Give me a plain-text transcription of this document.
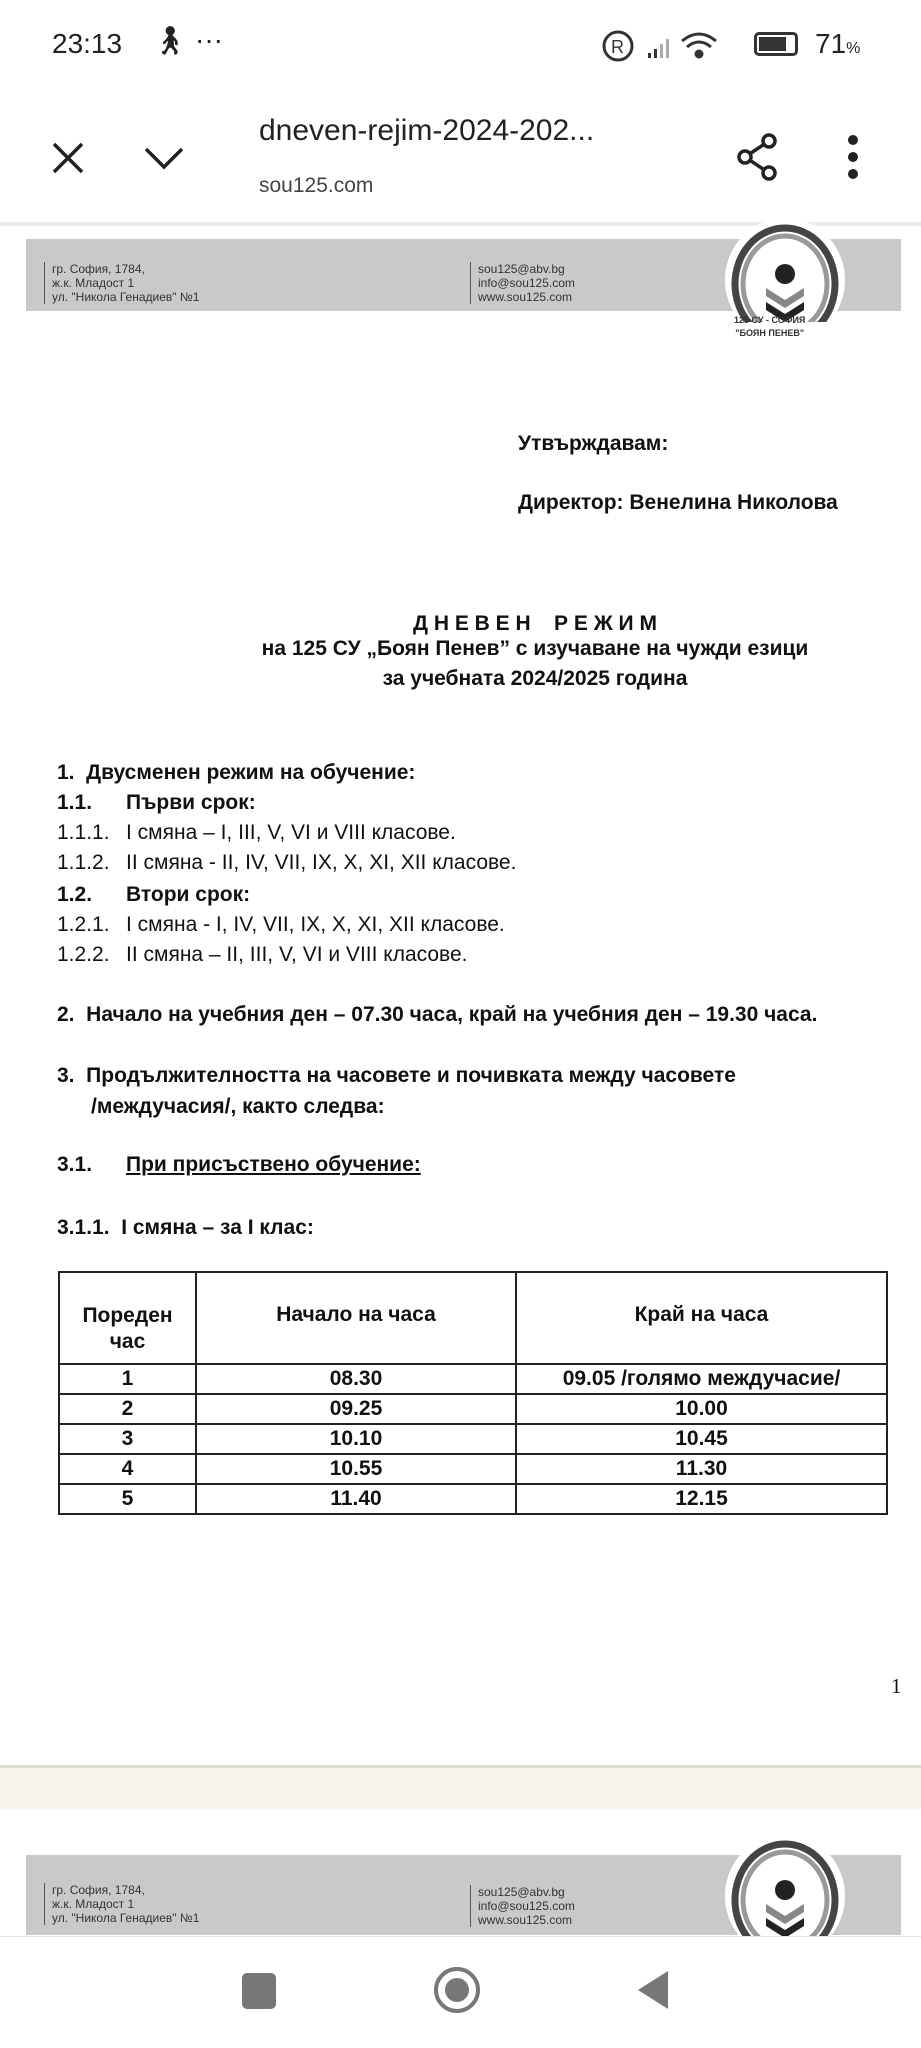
23:13 🚶︎ ···	R	71%
dneven-rejim-2024-202...
sou125.com
гр. София, 1784,
ж.к. Младост 1
ул. "Никола Генадиев" №1
sou125@abv.bg
info@sou125.com
www.sou125.com
125 СУ - СОФИЯ
"БОЯН ПЕНЕВ"
Утвърждавам:
Директор: Венелина Николова
Д Н Е В Е Н    Р Е Ж И М
на 125 СУ „Боян Пенев” с изучаване на чужди езици
за учебната 2024/2025 година
1.  Двусменен режим на обучение:
1.1. Първи срок:
1.1.1. I смяна – I, III, V, VI и VIII класове.
1.1.2. II смяна - II, IV, VII, IX, X, XI, XII класове.
1.2. Втори срок:
1.2.1. I смяна - I, IV, VII, IX, X, XI, XII класове.
1.2.2. II смяна – II, III, V, VI и VIII класове.
2.  Начало на учебния ден – 07.30 часа, край на учебния ден – 19.30 часа.
3.  Продължителността на часовете и почивката между часовете
/междучасия/, както следва:
3.1. При присъствено обучение:
3.1.1.  I смяна – за I клас:
Пореден час	Начало на часа	Край на часа
1	08.30	09.05 /голямо междучасие/
2	09.25	10.00
3	10.10	10.45
4	10.55	11.30
5	11.40	12.15
1
гр. София, 1784,
ж.к. Младост 1
ул. "Никола Генадиев" №1
sou125@abv.bg
info@sou125.com
www.sou125.com
